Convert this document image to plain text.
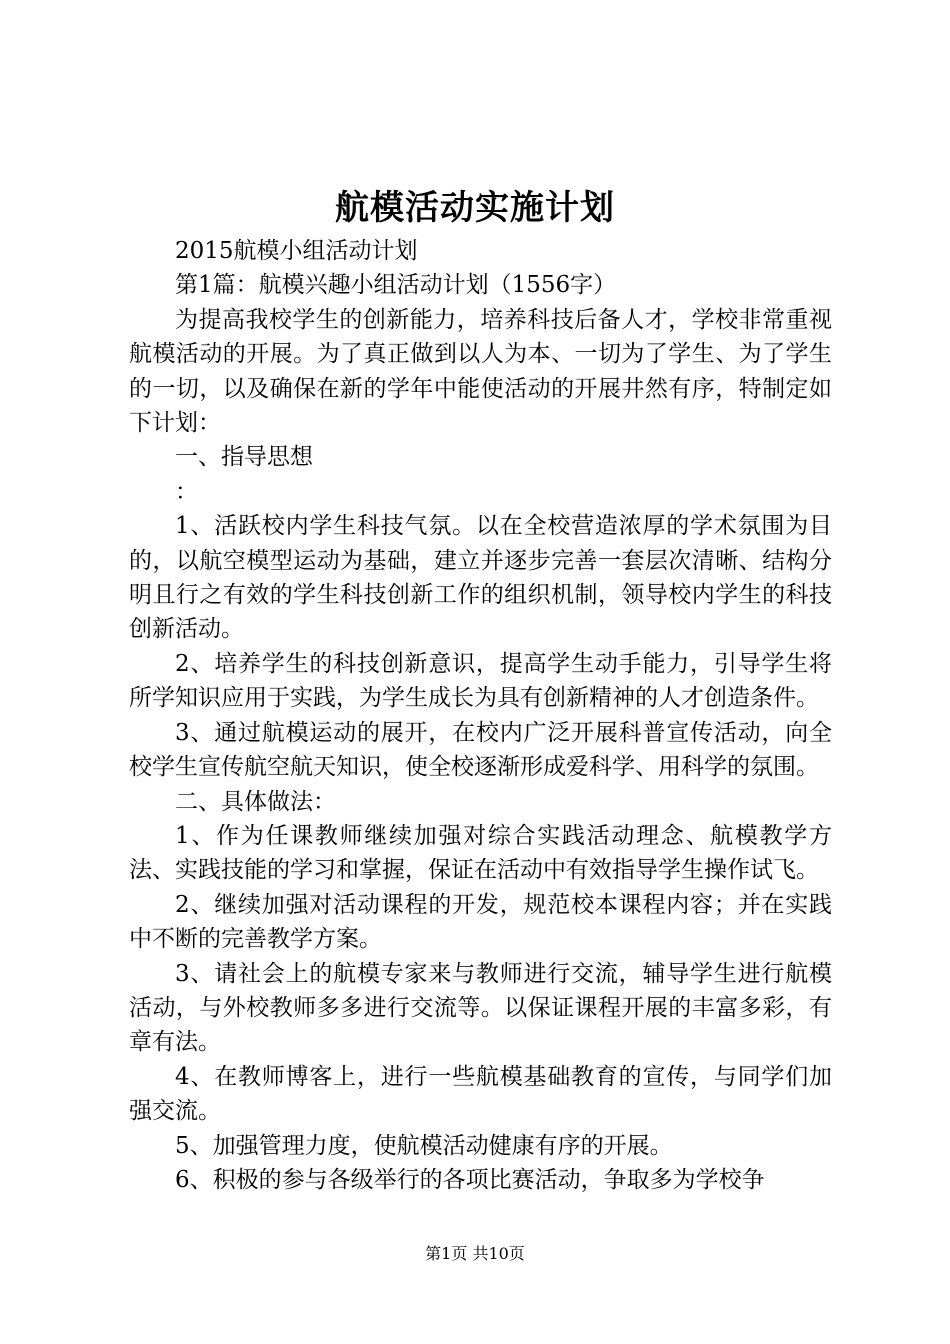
航模活动实施计划

2015航模小组活动计划

第1篇：航模兴趣小组活动计划（1556字）

为提高我校学生的创新能力，培养科技后备人才，学校非常重视航模活动的开展。为了真正做到以人为本、一切为了学生、为了学生的一切，以及确保在新的学年中能使活动的开展井然有序，特制定如下计划：

一、指导思想

：

1、活跃校内学生科技气氛。以在全校营造浓厚的学术氛围为目的，以航空模型运动为基础，建立并逐步完善一套层次清晰、结构分明且行之有效的学生科技创新工作的组织机制，领导校内学生的科技创新活动。

2、培养学生的科技创新意识，提高学生动手能力，引导学生将所学知识应用于实践，为学生成长为具有创新精神的人才创造条件。

3、通过航模运动的展开，在校内广泛开展科普宣传活动，向全校学生宣传航空航天知识，使全校逐渐形成爱科学、用科学的氛围。

二、具体做法：

1、作为任课教师继续加强对综合实践活动理念、航模教学方法、实践技能的学习和掌握，保证在活动中有效指导学生操作试飞。

2、继续加强对活动课程的开发，规范校本课程内容；并在实践中不断的完善教学方案。

3、请社会上的航模专家来与教师进行交流，辅导学生进行航模活动，与外校教师多多进行交流等。以保证课程开展的丰富多彩，有章有法。

4、在教师博客上，进行一些航模基础教育的宣传，与同学们加强交流。

5、加强管理力度，使航模活动健康有序的开展。

6、积极的参与各级举行的各项比赛活动，争取多为学校争

第1页 共10页
